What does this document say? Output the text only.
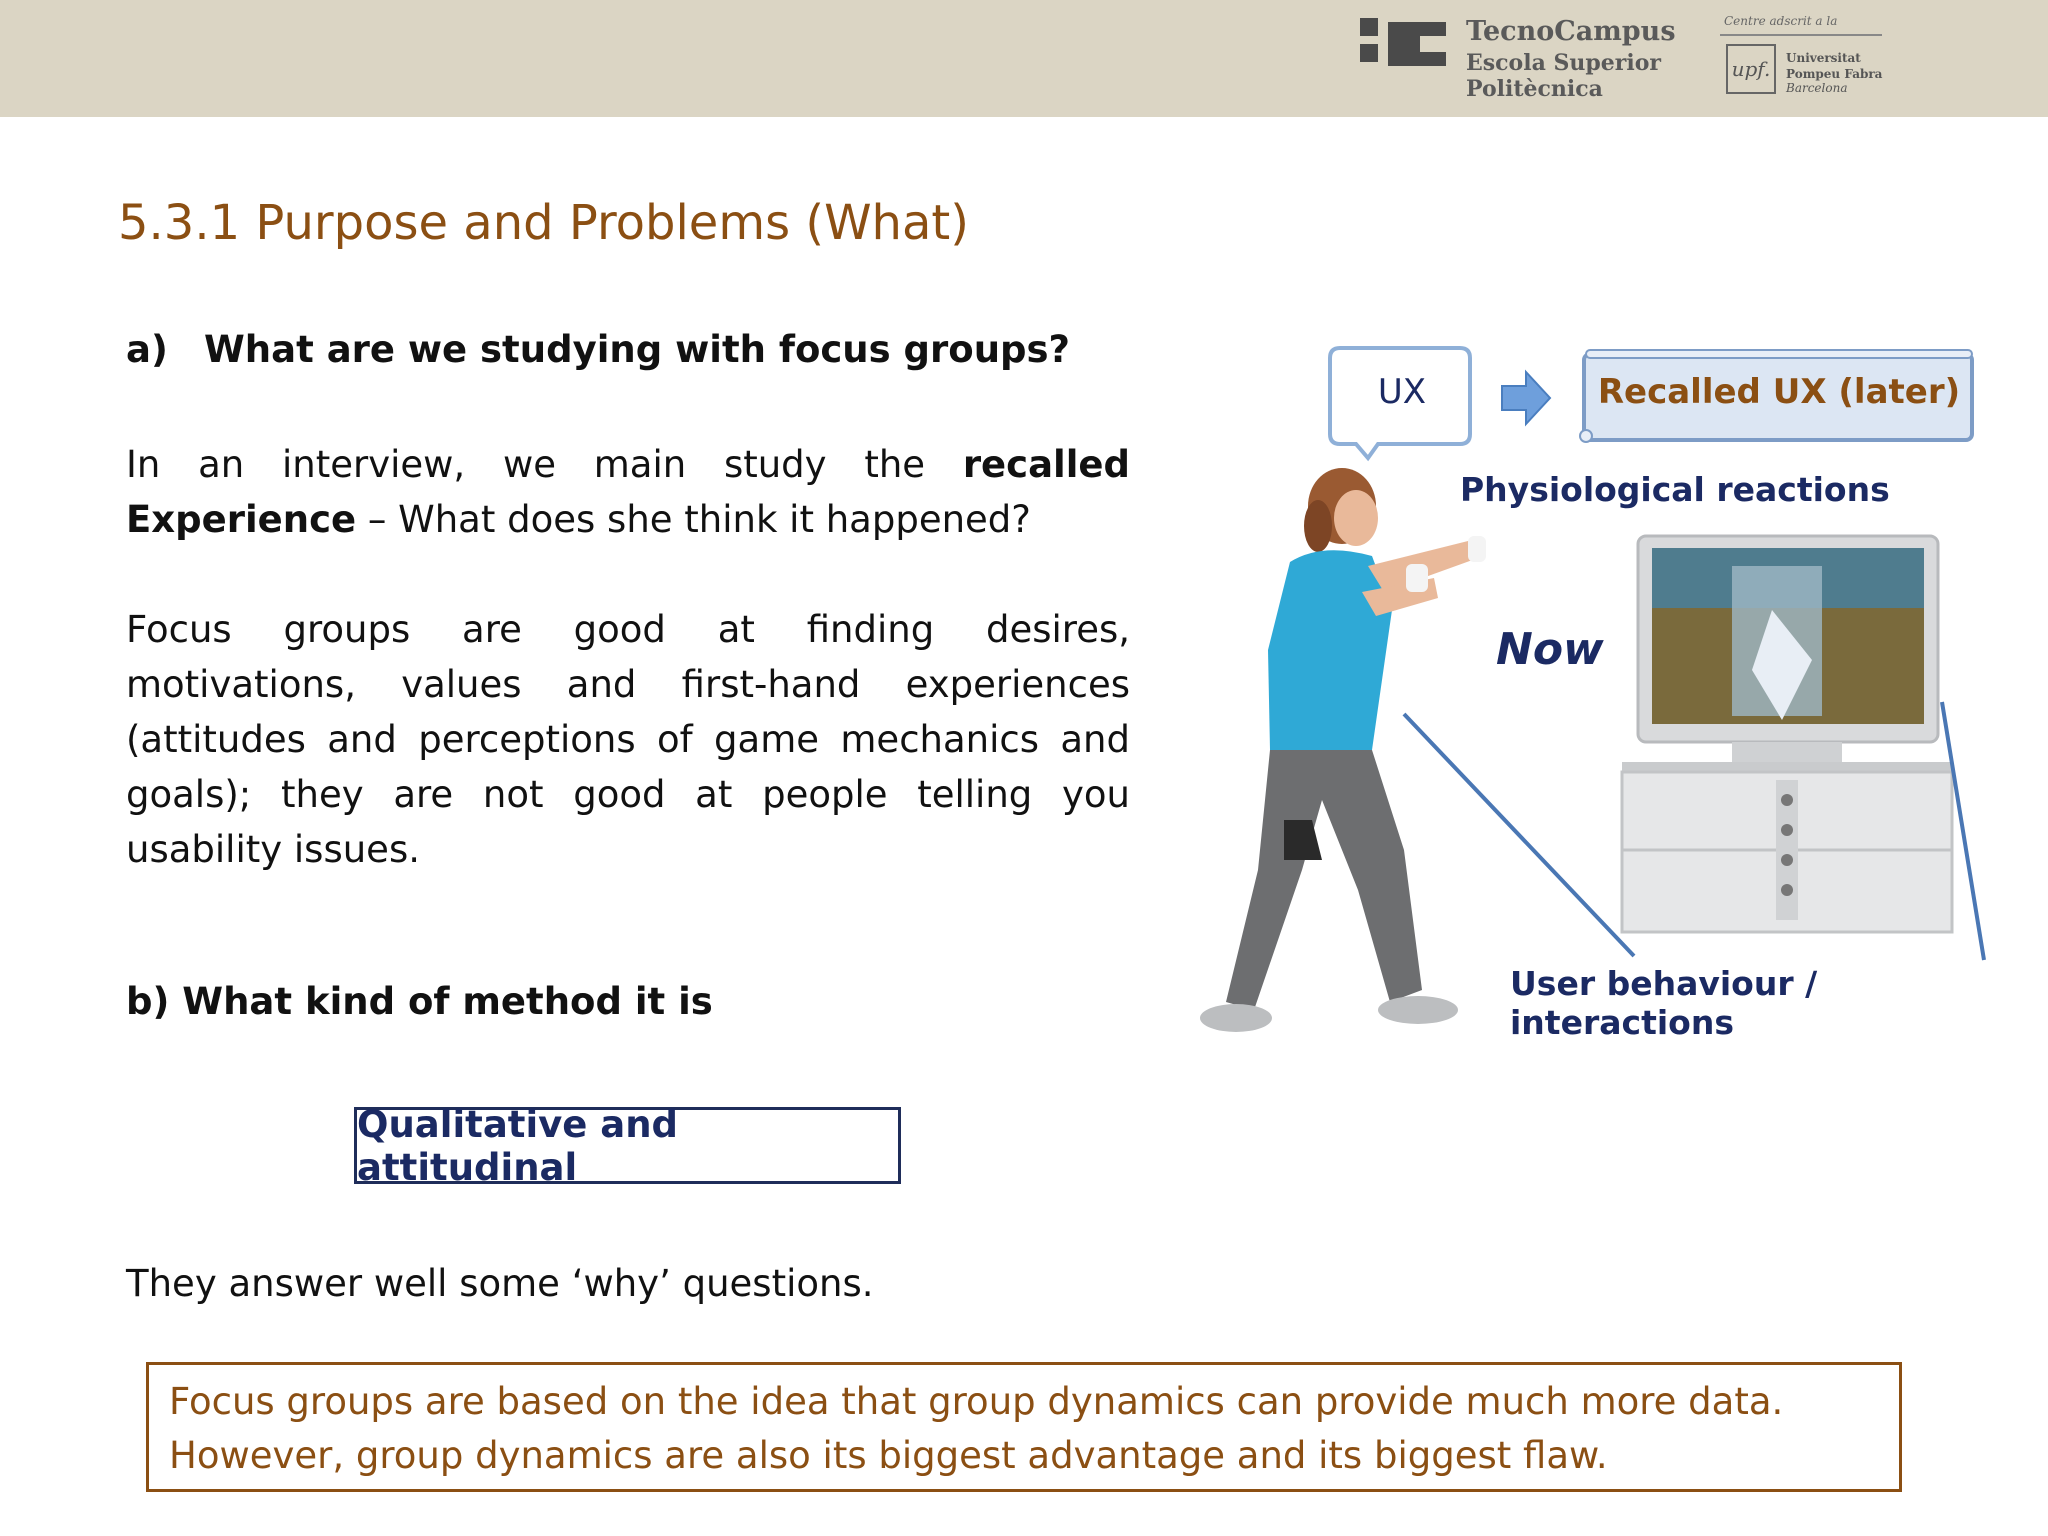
TecnoCampus
Escola Superior
Politècnica
Centre adscrit a la
upf.	Universitat
Pompeu Fabra
Barcelona
5.3.1 Purpose and Problems (What)
a) What are we studying with focus groups?
In an interview, we main study the recalled Experience – What does she think it happened?
Focus groups are good at finding desires, motivations, values and first-hand experiences (attitudes and perceptions of game mechanics and goals); they are not good at people telling you usability issues.
b) What kind of method it is
Qualitative and attitudinal
They answer well some ‘why’ questions.
Focus groups are based on the idea that group dynamics can provide much more data.
However, group dynamics are also its biggest advantage and its biggest flaw.
UX	Recalled UX (later)
Physiological reactions
Now
User behaviour / interactions
